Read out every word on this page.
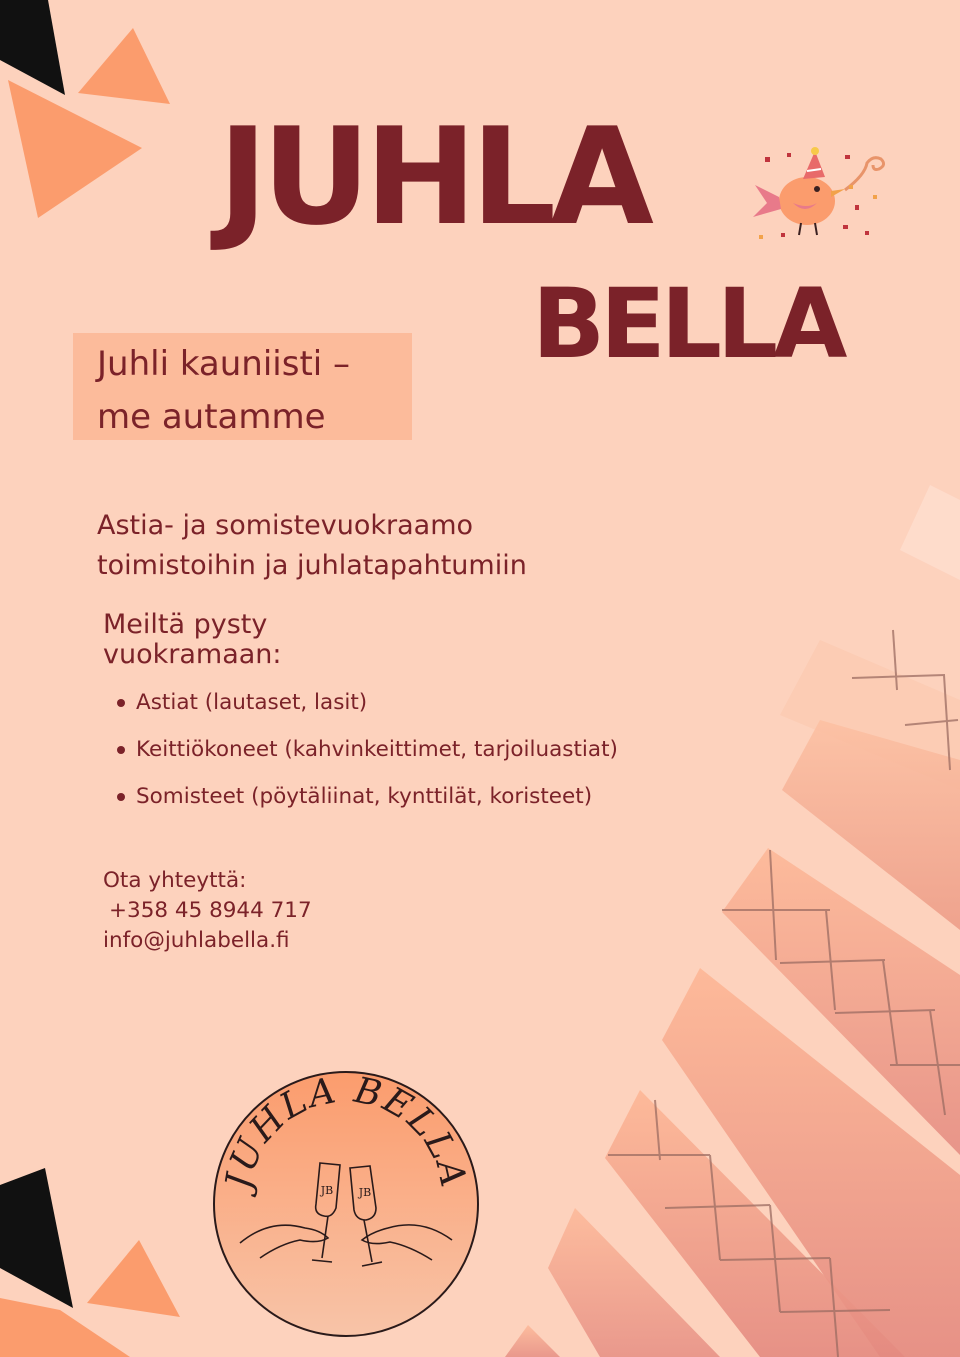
JUHLA
BELLA
Juhli kauniisti –
me autamme
Astia- ja somistevuokraamo
toimistoihin ja juhlatapahtumiin
Meiltä pysty
vuokramaan:
Astiat (lautaset, lasit)
Keittiökoneet (kahvinkeittimet, tarjoiluastiat)
Somisteet (pöytäliinat, kynttilät, koristeet)
Ota yhteyttä:
+358 45 8944 717
info@juhlabella.fi
JUHLA BELLA
JB JB
